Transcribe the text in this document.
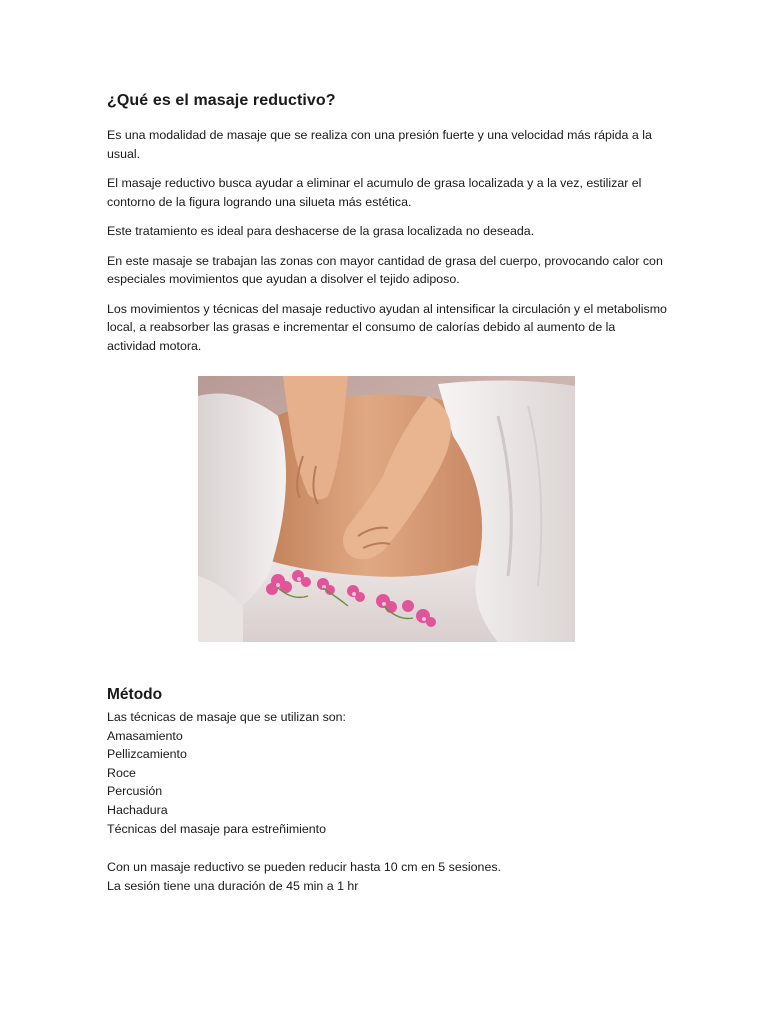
¿Qué es el masaje reductivo?

Es una modalidad de masaje que se realiza con una presión fuerte y una velocidad más rápida a la usual.

El masaje reductivo busca ayudar a eliminar el acumulo de grasa localizada y a la vez, estilizar el contorno de la figura logrando una silueta más estética.

Este tratamiento es ideal para deshacerse de la grasa localizada no deseada.

En este masaje se trabajan las zonas con mayor cantidad de grasa del cuerpo, provocando calor con especiales movimientos que ayudan a disolver el tejido adiposo.

Los movimientos y técnicas del masaje reductivo ayudan al intensificar la circulación y el metabolismo local, a reabsorber las grasas e incrementar el consumo de calorías debido al aumento de la actividad motora.

Método

Las técnicas de masaje que se utilizan son:

Amasamiento

Pellizcamiento

Roce

Percusión

Hachadura

Técnicas del masaje para estreñimiento

Con un masaje reductivo se pueden reducir hasta 10 cm en 5 sesiones.

La sesión tiene una duración de 45 min a 1 hr
